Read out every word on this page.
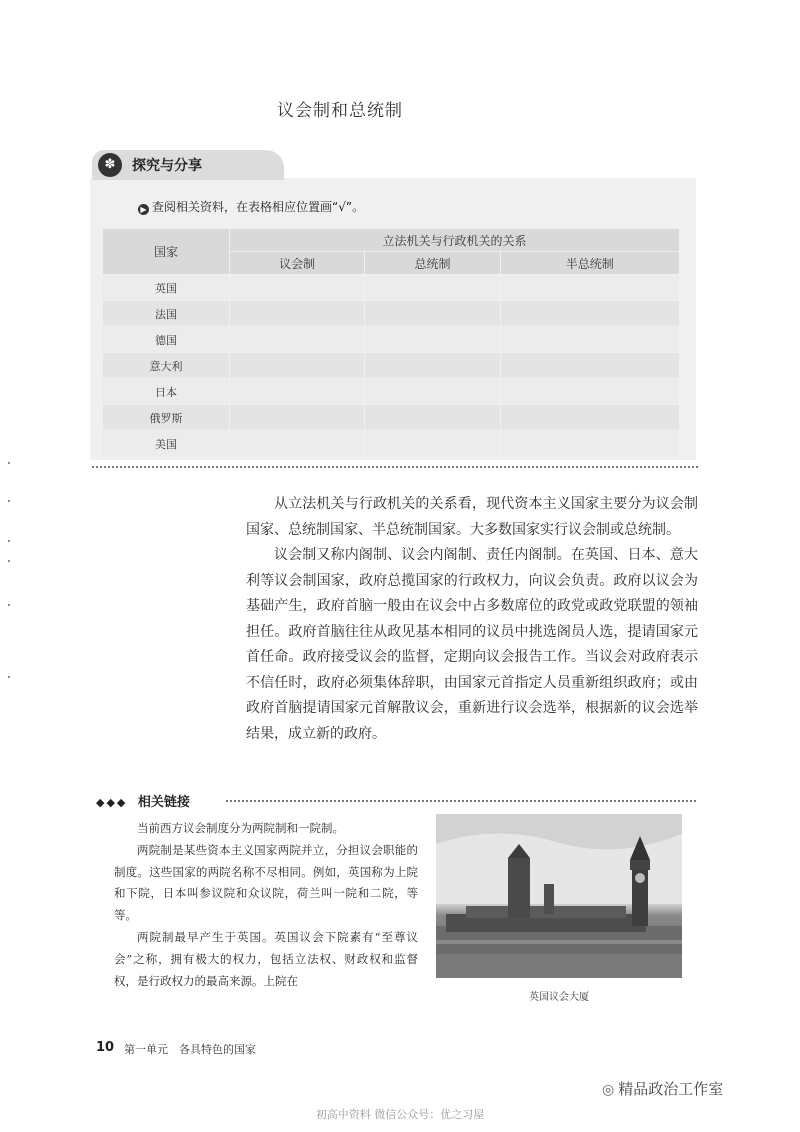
议会制和总统制
✽	探究与分享
▶ 查阅相关资料，在表格相应位置画“√”。
国家	立法机关与行政机关的关系		
	议会制	总统制	半总统制
英国			
法国			
德国			
意大利			
日本			
俄罗斯			
美国			

从立法机关与行政机关的关系看，现代资本主义国家主要分为议会制国家、总统制国家、半总统制国家。大多数国家实行议会制或总统制。

议会制又称内阁制、议会内阁制、责任内阁制。在英国、日本、意大利等议会制国家，政府总揽国家的行政权力，向议会负责。政府以议会为基础产生，政府首脑一般由在议会中占多数席位的政党或政党联盟的领袖担任。政府首脑往往从政见基本相同的议员中挑选阁员人选，提请国家元首任命。政府接受议会的监督，定期向议会报告工作。当议会对政府表示不信任时，政府必须集体辞职，由国家元首指定人员重新组织政府；或由政府首脑提请国家元首解散议会，重新进行议会选举，根据新的议会选举结果，成立新的政府。

◆◆◆ 相关链接

当前西方议会制度分为两院制和一院制。

两院制是某些资本主义国家两院并立，分担议会职能的制度。这些国家的两院名称不尽相同。例如，英国称为上院和下院，日本叫参议院和众议院，荷兰叫一院和二院，等等。

两院制最早产生于英国。英国议会下院素有“至尊议会”之称，拥有极大的权力，包括立法权、财政权和监督权，是行政权力的最高来源。上院在

英国议会大厦
10 第一单元　各具特色的国家
◎ 精品政治工作室
初高中资料 微信公众号：优之习屋
